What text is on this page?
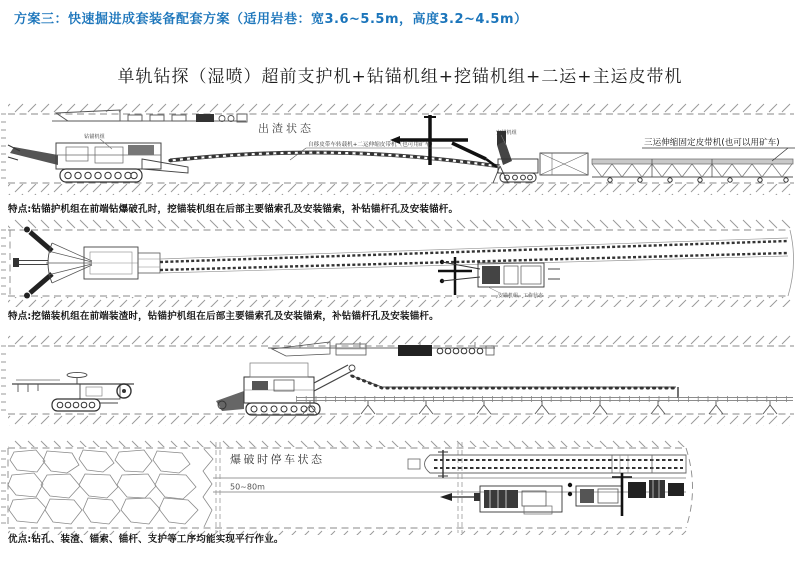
方案三：快速掘进成套装备配套方案（适用岩巷：宽3.6~5.5m，高度3.2~4.5m）
单轨钻探（湿喷）超前支护机+钻锚机组+挖锚机组+二运+主运皮带机
出渣状态
钻锚机组
自移皮带车转载机+二运伸缩皮带机（也可用矿车）
安锚机组
三运伸缩固定皮带机(也可以用矿车)
特点:钻锚护机组在前端钻爆破孔时，挖锚装机组在后部主要锚索孔及安装锚索，补钻锚杆孔及安装锚杆。
安锚机组，工作状态
特点:挖锚装机组在前端装渣时，钻锚护机组在后部主要锚索孔及安装锚索，补钻锚杆孔及安装锚杆。
爆破时停车状态
50~80m
优点:钻孔、装渣、锚索、锚杆、支护等工序均能实现平行作业。
